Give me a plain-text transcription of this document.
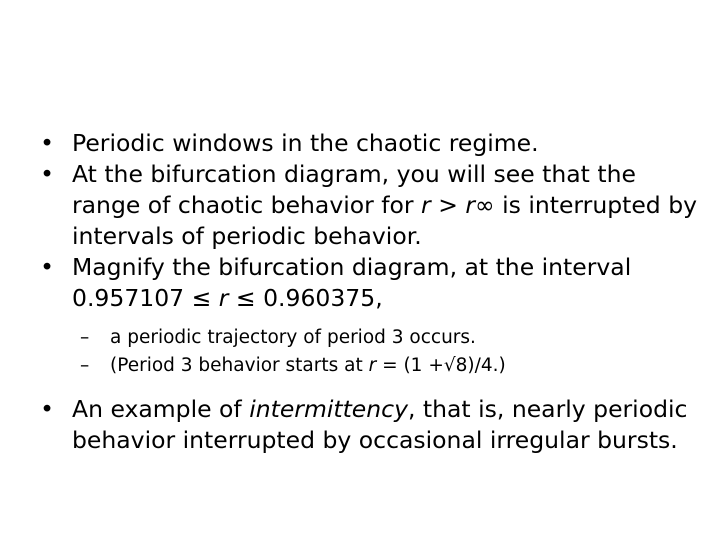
• Periodic windows in the chaotic regime.

• At the bifurcation diagram, you will see that the range of chaotic behavior for r > r∞ is interrupted by intervals of periodic behavior.

• Magnify the bifurcation diagram, at the interval 0.957107 ≤ r ≤ 0.960375,

– a periodic trajectory of period 3 occurs.
– (Period 3 behavior starts at r = (1 +√8)/4.)

• An example of intermittency, that is, nearly periodic behavior interrupted by occasional irregular bursts.
